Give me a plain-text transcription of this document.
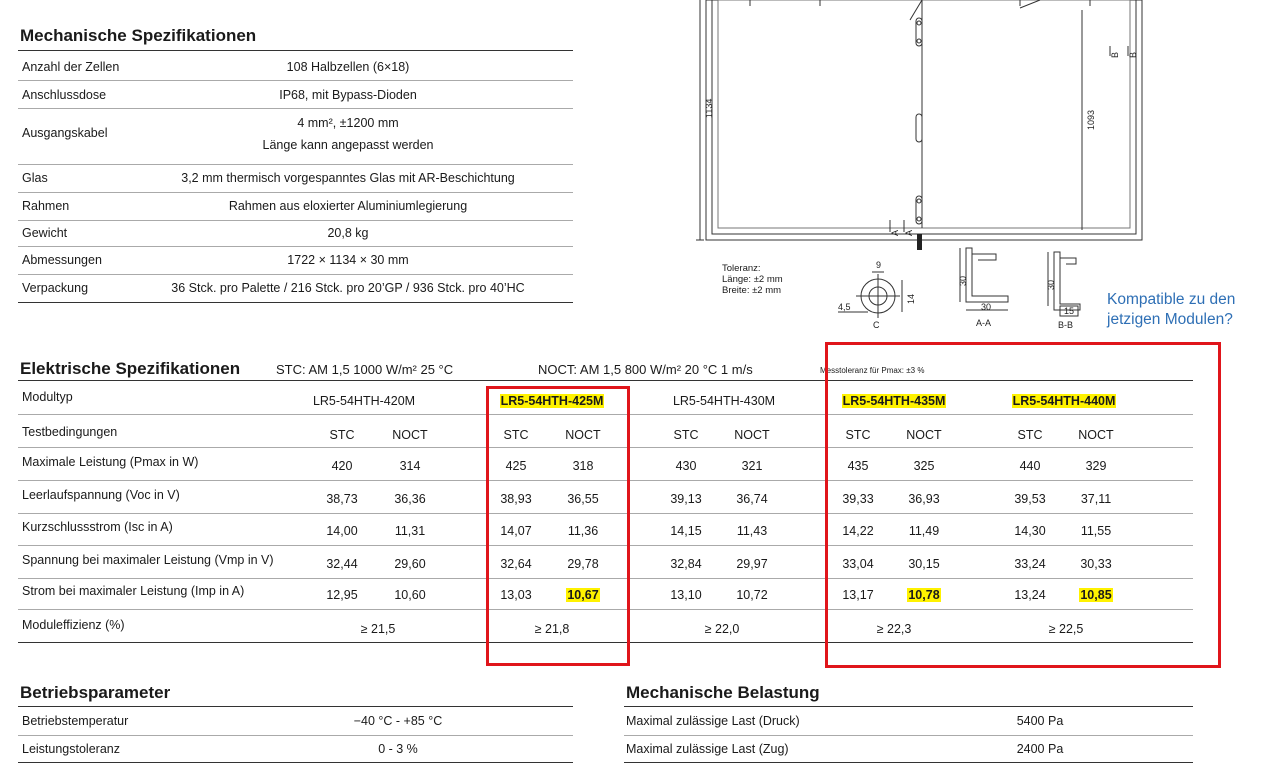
Mechanische Spezifikationen
Anzahl der Zellen	108 Halbzellen (6×18)
Anschlussdose	IP68, mit Bypass-Dioden
Ausgangskabel
4 mm², ±1200 mm
Länge kann angepasst werden
Glas	3,2 mm thermisch vorgespanntes Glas mit AR-Beschichtung
Rahmen	Rahmen aus eloxierter Aluminiumlegierung
Gewicht	20,8 kg
Abmessungen	1722 × 1134 × 30 mm
Verpackung	36 Stck. pro Palette / 216 Stck. pro 20’GP / 936 Stck. pro 40’HC
1134
1093
B B
A A
Toleranz:
Länge: ±2 mm
Breite: ±2 mm
9
14
4,5
C
30
30
A-A
30
15
B-B
Kompatible zu den
jetzigen Modulen?
Elektrische Spezifikationen	STC: AM 1,5 1000 W/m² 25 °C	NOCT: AM 1,5 800 W/m² 20 °C 1 m/s	Messtoleranz für Pmax: ±3 %
Modultyp	LR5-54HTH-420M	LR5-54HTH-425M	LR5-54HTH-430M	LR5-54HTH-435M	LR5-54HTH-440M
Testbedingungen	STC	NOCT	STC	NOCT	STC	NOCT	STC	NOCT	STC	NOCT
Maximale Leistung (Pmax in W)	420	314	425	318	430	321	435	325	440	329
Leerlaufspannung (Voc in V)	38,73	36,36	38,93	36,55	39,13	36,74	39,33	36,93	39,53	37,11
Kurzschlussstrom (Isc in A)	14,00	11,31	14,07	11,36	14,15	11,43	14,22	11,49	14,30	11,55
Spannung bei maximaler Leistung (Vmp in V)	32,44	29,60	32,64	29,78	32,84	29,97	33,04	30,15	33,24	30,33
Strom bei maximaler Leistung (Imp in A)	12,95	10,60	13,03	10,67	13,10	10,72	13,17	10,78	13,24	10,85
Moduleffizienz (%)	≥ 21,5	≥ 21,8	≥ 22,0	≥ 22,3	≥ 22,5
Betriebsparameter
Betriebstemperatur	−40 °C - +85 °C
Leistungstoleranz	0 - 3 %
Mechanische Belastung
Maximal zulässige Last (Druck)	5400 Pa
Maximal zulässige Last (Zug)	2400 Pa
